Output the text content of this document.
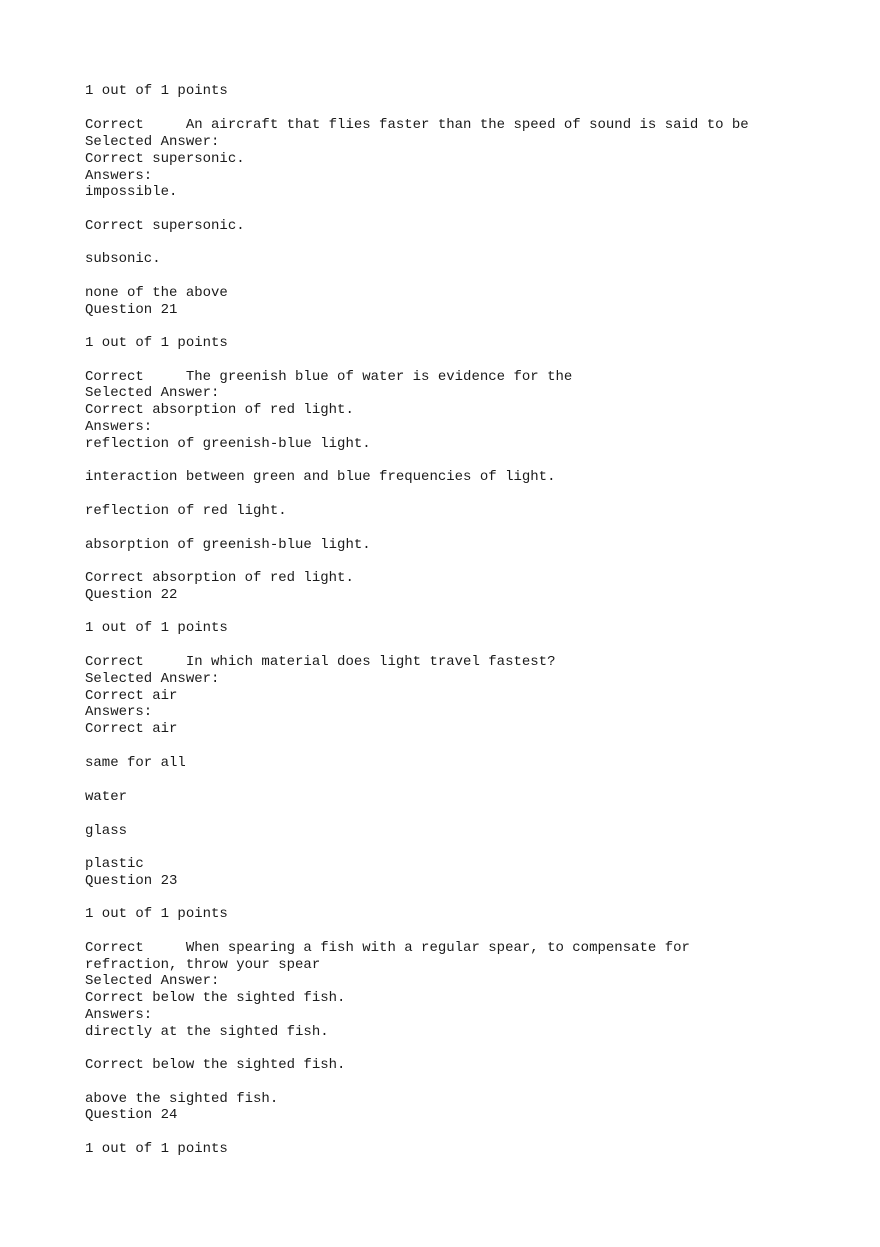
1 out of 1 points

Correct     An aircraft that flies faster than the speed of sound is said to be

Selected Answer:

Correct supersonic.

Answers:

impossible.

Correct supersonic.

subsonic.

none of the above

Question 21

1 out of 1 points

Correct     The greenish blue of water is evidence for the

Selected Answer:

Correct absorption of red light.

Answers:

reflection of greenish-blue light.

interaction between green and blue frequencies of light.

reflection of red light.

absorption of greenish-blue light.

Correct absorption of red light.

Question 22

1 out of 1 points

Correct     In which material does light travel fastest?

Selected Answer:

Correct air

Answers:

Correct air

same for all

water

glass

plastic

Question 23

1 out of 1 points

Correct     When spearing a fish with a regular spear, to compensate for

refraction, throw your spear

Selected Answer:

Correct below the sighted fish.

Answers:

directly at the sighted fish.

Correct below the sighted fish.

above the sighted fish.

Question 24

1 out of 1 points
